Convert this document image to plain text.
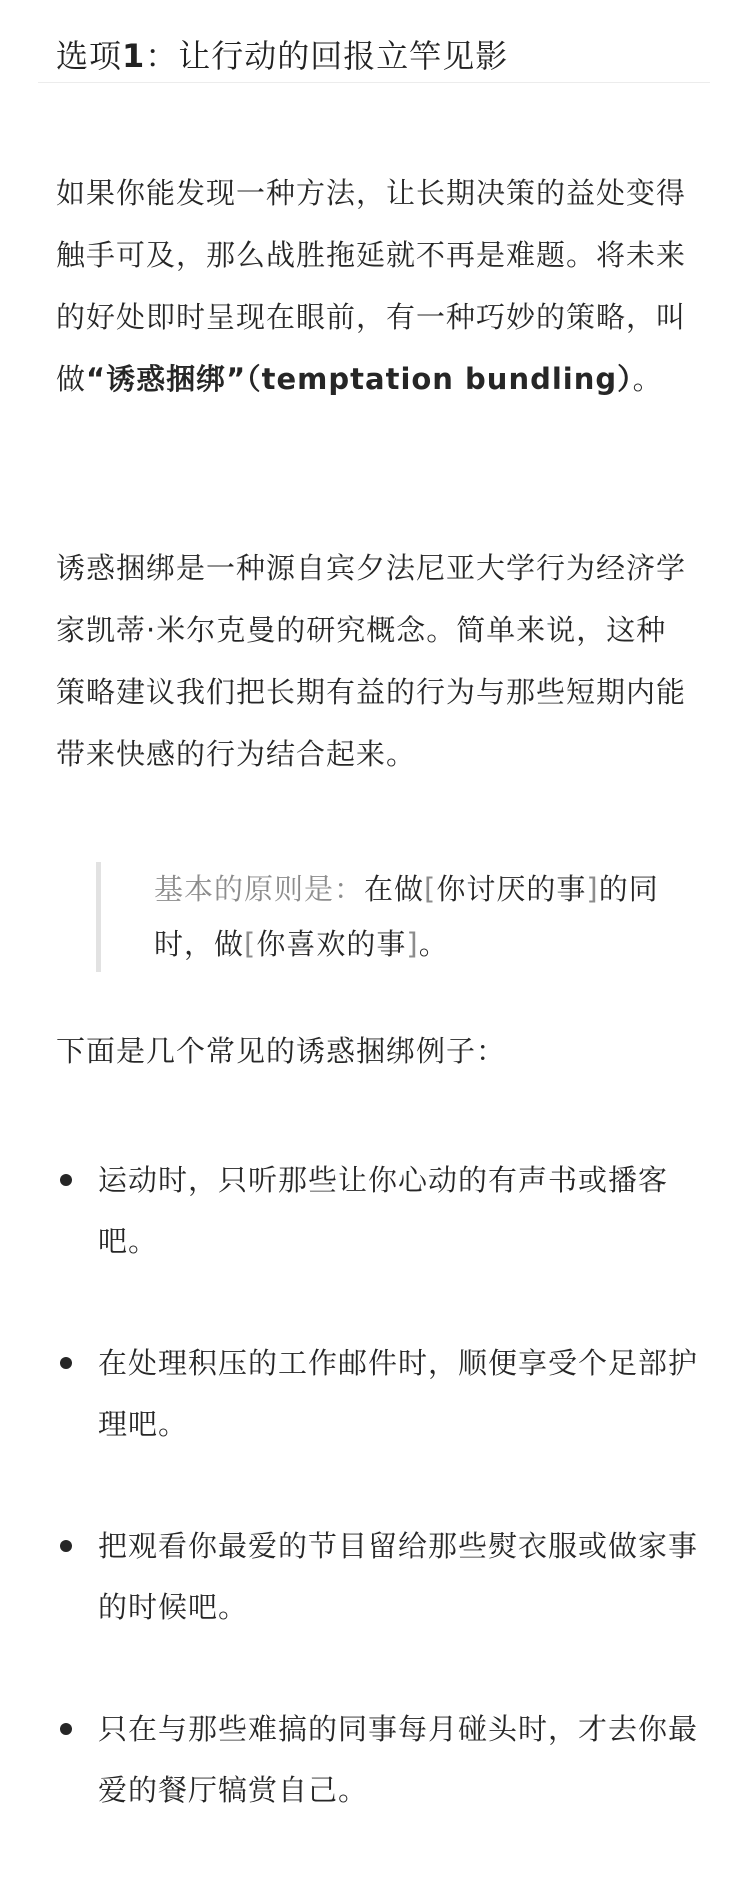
选项1：让行动的回报立竿见影

如果你能发现一种方法，让长期决策的益处变得触手可及，那么战胜拖延就不再是难题。将未来的好处即时呈现在眼前，有一种巧妙的策略，叫做“诱惑捆绑”（temptation bundling）。

诱惑捆绑是一种源自宾夕法尼亚大学行为经济学家凯蒂·米尔克曼的研究概念。简单来说，这种策略建议我们把长期有益的行为与那些短期内能带来快感的行为结合起来。

基本的原则是：在做[你讨厌的事]的同时，做[你喜欢的事]。

下面是几个常见的诱惑捆绑例子：

运动时，只听那些让你心动的有声书或播客吧。
在处理积压的工作邮件时，顺便享受个足部护理吧。
把观看你最爱的节目留给那些熨衣服或做家事的时候吧。
只在与那些难搞的同事每月碰头时，才去你最爱的餐厅犒赏自己。
